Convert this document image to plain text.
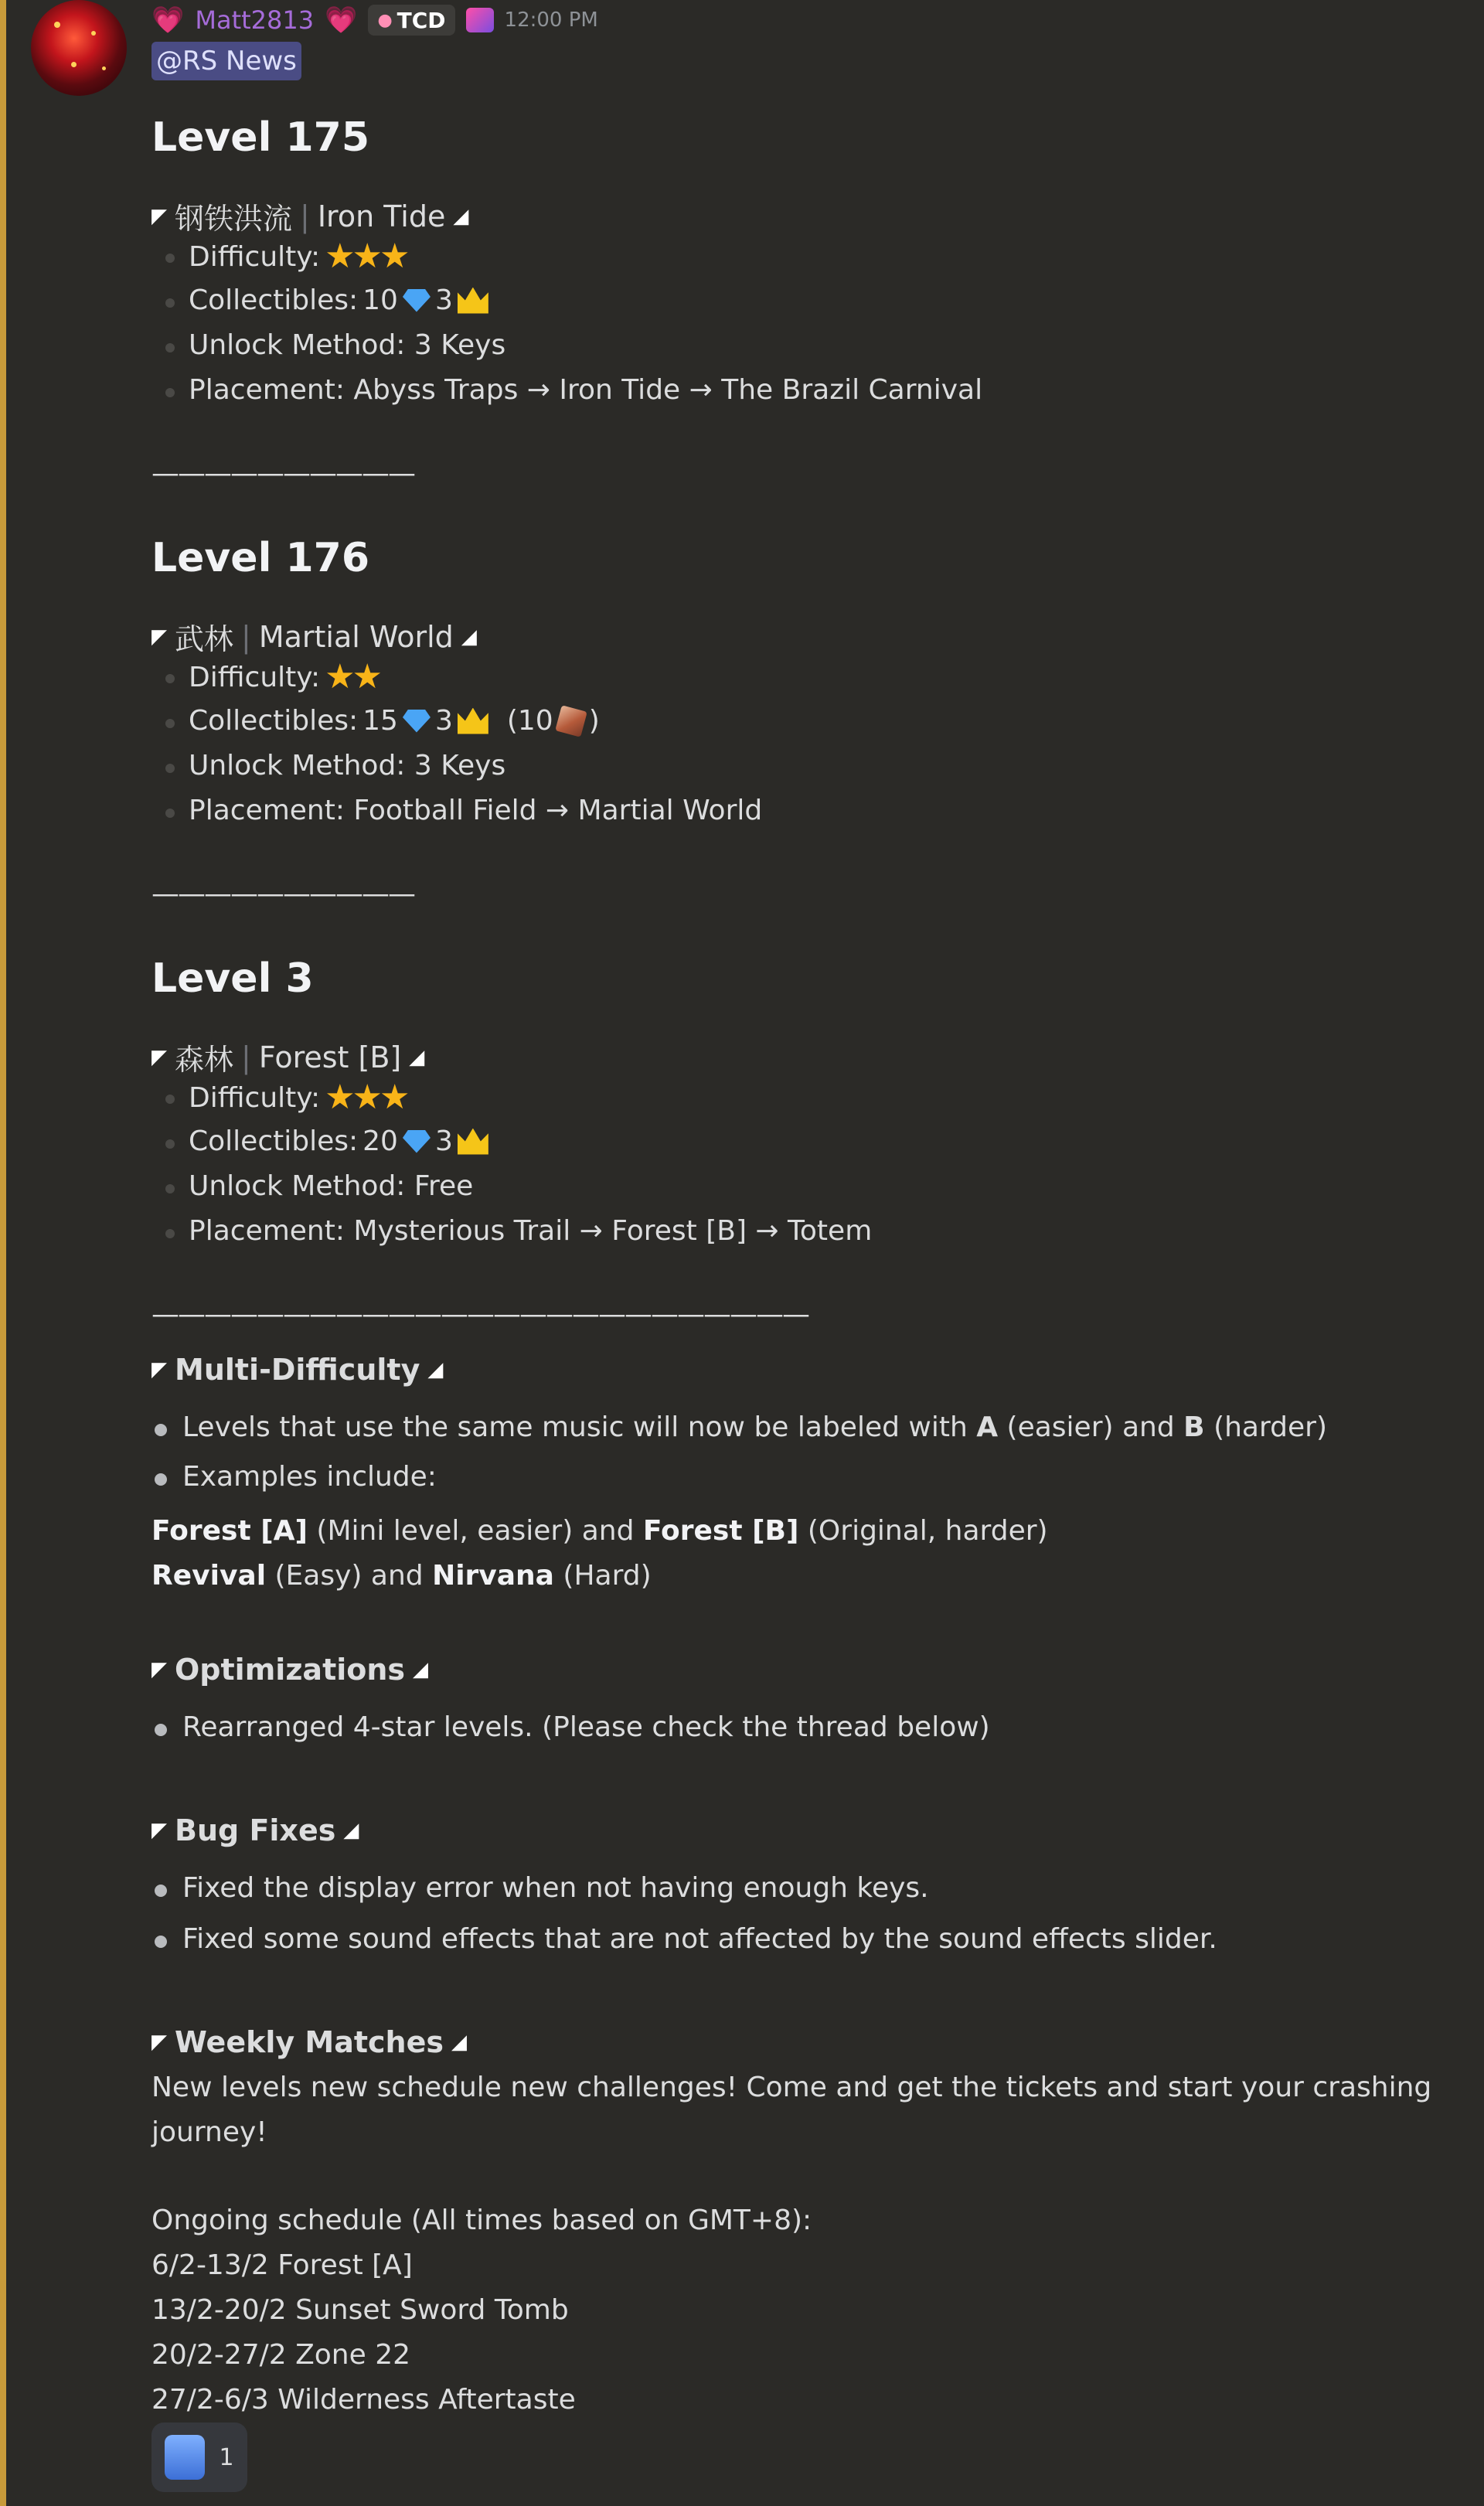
💗 Matt2813 💗 ● TCD	12:00 PM
@RS News
Level 175
◤ 钢铁洪流 | Iron Tide ◢
Difficulty: ★★★
Collectibles: 10 3
Unlock Method: 3 Keys
Placement: Abyss Traps → Iron Tide → The Brazil Carnival
——————————
Level 176
◤ 武林 | Martial World ◢
Difficulty: ★★
Collectibles: 15 3 (10 )
Unlock Method: 3 Keys
Placement: Football Field → Martial World
——————————
Level 3
◤ 森林 | Forest [B] ◢
Difficulty: ★★★
Collectibles: 20 3
Unlock Method: Free
Placement: Mysterious Trail → Forest [B] → Totem
—————————————————————————
◤ Multi-Difficulty ◢
Levels that use the same music will now be labeled with A (easier) and B (harder)
Examples include:
Forest [A] (Mini level, easier) and Forest [B] (Original, harder)
Revival (Easy) and Nirvana (Hard)
◤ Optimizations ◢
Rearranged 4-star levels. (Please check the thread below)
◤ Bug Fixes ◢
Fixed the display error when not having enough keys.
Fixed some sound effects that are not affected by the sound effects slider.
◤ Weekly Matches ◢
New levels new schedule new challenges! Come and get the tickets and start your crashing
journey!
Ongoing schedule (All times based on GMT+8):
6/2-13/2 Forest [A]
13/2-20/2 Sunset Sword Tomb
20/2-27/2 Zone 22
27/2-6/3 Wilderness Aftertaste
1
